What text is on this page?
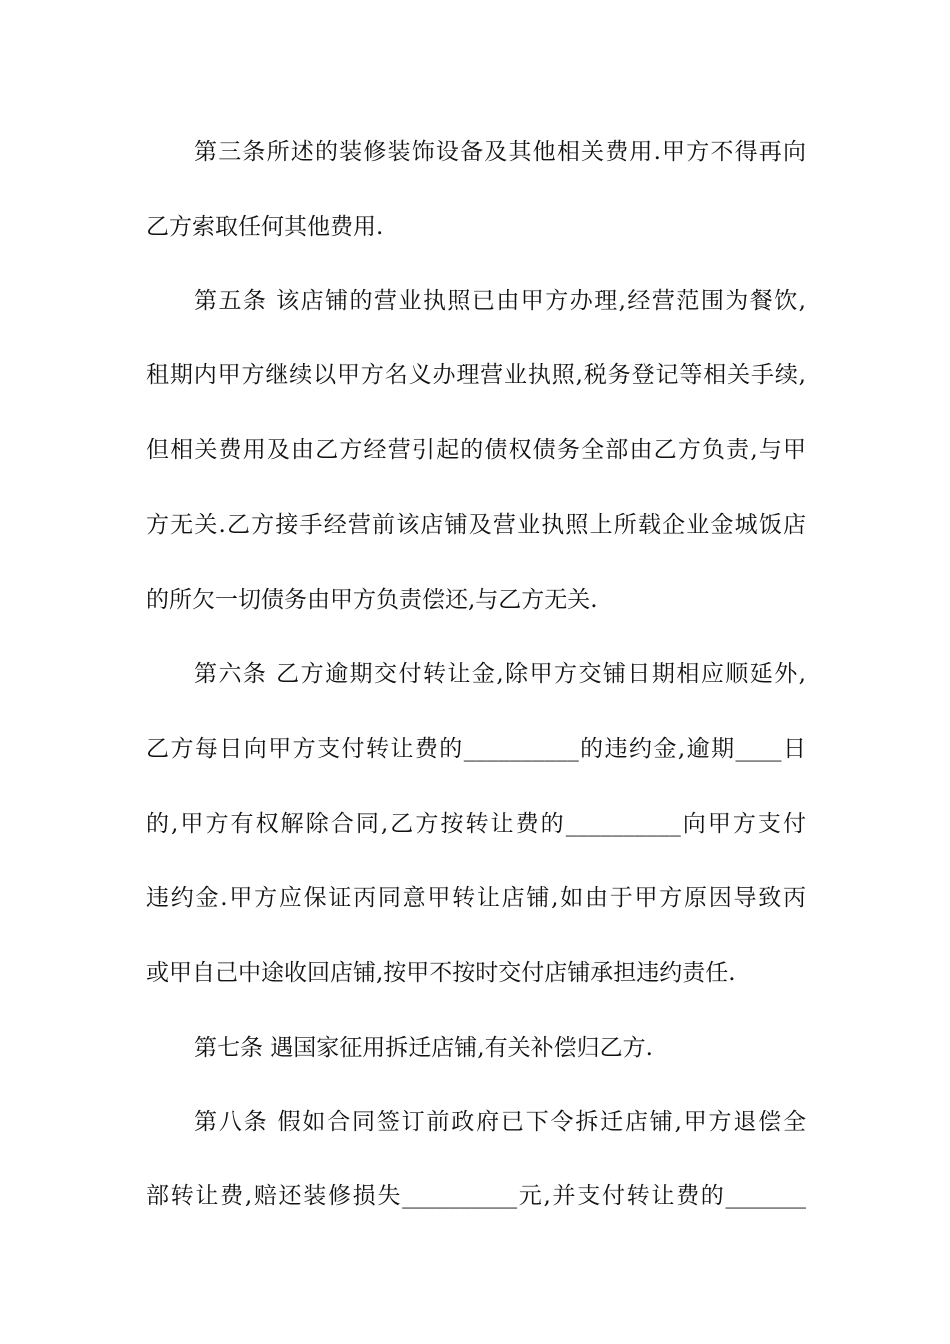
第三条所述的装修装饰设备及其他相关费用.甲方不得再向
乙方索取任何其他费用.
第五条 该店铺的营业执照已由甲方办理,经营范围为餐饮,
租期内甲方继续以甲方名义办理营业执照,税务登记等相关手续,
但相关费用及由乙方经营引起的债权债务全部由乙方负责,与甲
方无关.乙方接手经营前该店铺及营业执照上所载企业金城饭店
的所欠一切债务由甲方负责偿还,与乙方无关.
第六条 乙方逾期交付转让金,除甲方交铺日期相应顺延外,
乙方每日向甲方支付转让费的__________的违约金,逾期____日
的,甲方有权解除合同,乙方按转让费的__________向甲方支付
违约金.甲方应保证丙同意甲转让店铺,如由于甲方原因导致丙
或甲自己中途收回店铺,按甲不按时交付店铺承担违约责任.
第七条 遇国家征用拆迁店铺,有关补偿归乙方.
第八条 假如合同签订前政府已下令拆迁店铺,甲方退偿全
部转让费,赔还装修损失__________元,并支付转让费的_______
